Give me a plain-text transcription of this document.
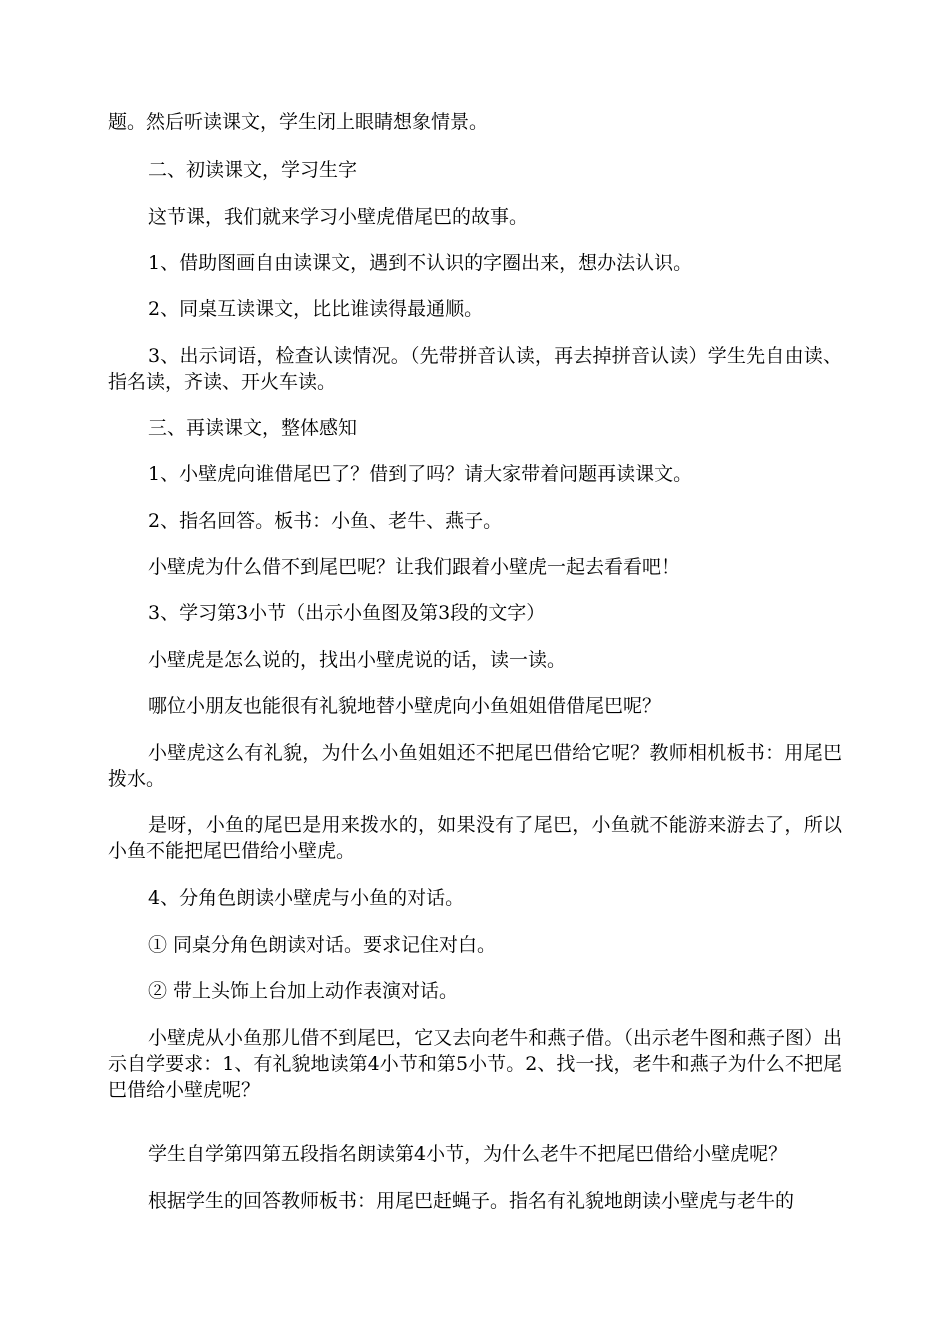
题。然后听读课文，学生闭上眼睛想象情景。

二、初读课文，学习生字

这节课，我们就来学习小壁虎借尾巴的故事。

1、借助图画自由读课文，遇到不认识的字圈出来，想办法认识。

2、同桌互读课文，比比谁读得最通顺。

3、出示词语，检查认读情况。（先带拼音认读，再去掉拼音认读）学生先自由读、指名读，齐读、开火车读。

三、再读课文，整体感知

1、小壁虎向谁借尾巴了？借到了吗？请大家带着问题再读课文。

2、指名回答。板书：小鱼、老牛、燕子。

小壁虎为什么借不到尾巴呢？让我们跟着小壁虎一起去看看吧！

3、学习第3小节（出示小鱼图及第3段的文字）

小壁虎是怎么说的，找出小壁虎说的话，读一读。

哪位小朋友也能很有礼貌地替小壁虎向小鱼姐姐借借尾巴呢？

小壁虎这么有礼貌，为什么小鱼姐姐还不把尾巴借给它呢？教师相机板书：用尾巴拨水。

是呀，小鱼的尾巴是用来拨水的，如果没有了尾巴，小鱼就不能游来游去了，所以小鱼不能把尾巴借给小壁虎。

4、分角色朗读小壁虎与小鱼的对话。

① 同桌分角色朗读对话。要求记住对白。

② 带上头饰上台加上动作表演对话。

小壁虎从小鱼那儿借不到尾巴，它又去向老牛和燕子借。（出示老牛图和燕子图）出示自学要求：1、有礼貌地读第4小节和第5小节。2、找一找，老牛和燕子为什么不把尾巴借给小壁虎呢？

学生自学第四第五段指名朗读第4小节，为什么老牛不把尾巴借给小壁虎呢？

根据学生的回答教师板书：用尾巴赶蝇子。指名有礼貌地朗读小壁虎与老牛的
